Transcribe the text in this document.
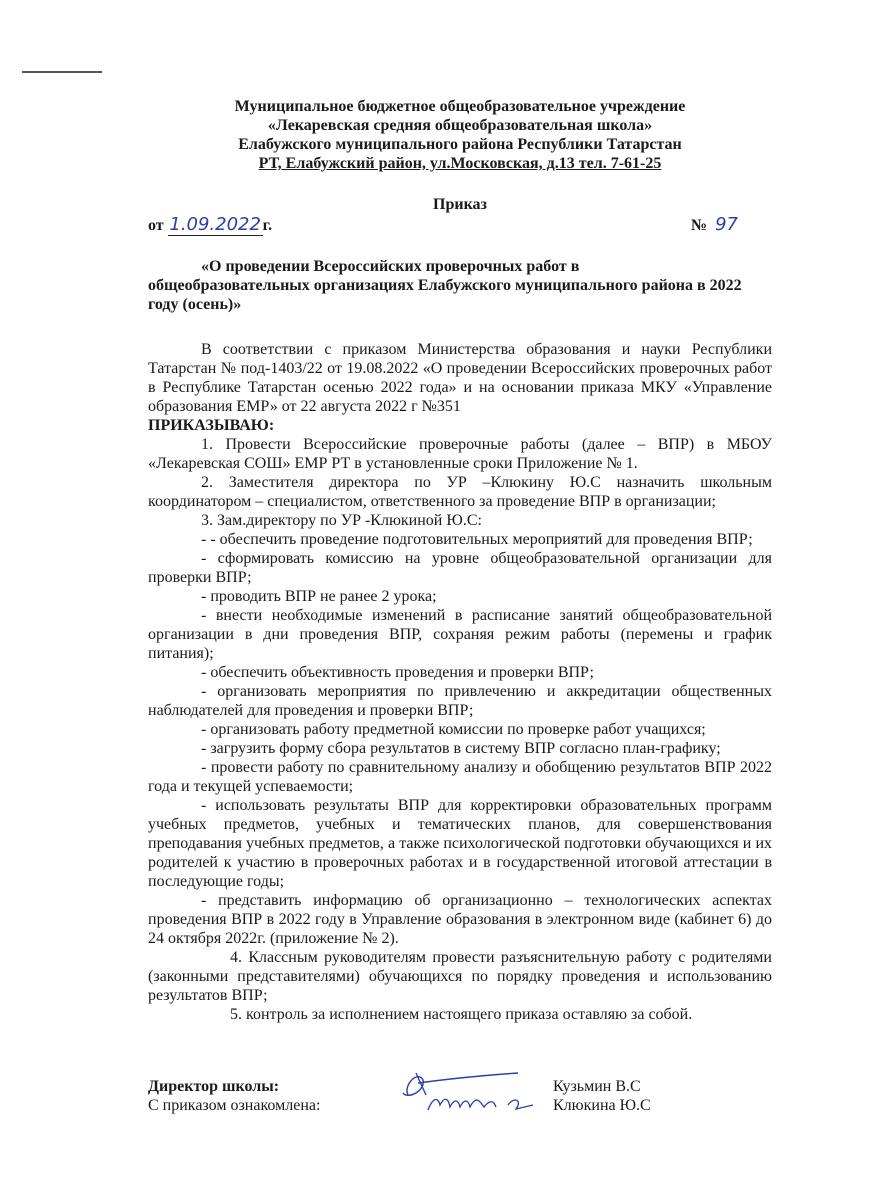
Муниципальное бюджетное общеобразовательное учреждение
«Лекаревская средняя общеобразовательная школа»
Елабужского муниципального района Республики Татарстан
РТ, Елабужский район, ул.Московская, д.13 тел. 7-61-25
Приказ
от 1.09.2022 г.	№ 97
«О проведении Всероссийских проверочных работ в
общеобразовательных организациях Елабужского муниципального района в 2022 году (осень)»

В соответствии с приказом Министерства образования и науки Республики Татарстан № под-1403/22 от 19.08.2022 «О проведении Всероссийских проверочных работ в Республике Татарстан осенью 2022 года» и на основании приказа МКУ «Управление образования ЕМР» от 22 августа 2022 г №351

ПРИКАЗЫВАЮ:

1. Провести Всероссийские проверочные работы (далее – ВПР) в МБОУ «Лекаревская СОШ» ЕМР РТ в установленные сроки Приложение № 1.

2. Заместителя директора по УР –Клюкину Ю.С назначить школьным координатором – специалистом, ответственного за проведение ВПР в организации;

3. Зам.директору по УР -Клюкиной Ю.С:

- - обеспечить проведение подготовительных мероприятий для проведения ВПР;

- сформировать комиссию на уровне общеобразовательной организации для проверки ВПР;

- проводить ВПР не ранее 2 урока;

- внести необходимые изменений в расписание занятий общеобразовательной организации в дни проведения ВПР, сохраняя режим работы (перемены и график питания);

- обеспечить объективность проведения и проверки ВПР;

- организовать мероприятия по привлечению и аккредитации общественных наблюдателей для проведения и проверки ВПР;

- организовать работу предметной комиссии по проверке работ учащихся;

- загрузить форму сбора результатов в систему ВПР согласно план-графику;

- провести работу по сравнительному анализу и обобщению результатов ВПР 2022 года и текущей успеваемости;

- использовать результаты ВПР для корректировки образовательных программ учебных предметов, учебных и тематических планов, для совершенствования преподавания учебных предметов, а также психологической подготовки обучающихся и их родителей к участию в проверочных работах и в государственной итоговой аттестации в последующие годы;

- представить информацию об организационно – технологических аспектах проведения ВПР в 2022 году в Управление образования в электронном виде (кабинет 6) до 24 октября 2022г. (приложение № 2).

4. Классным руководителям провести разъяснительную работу с родителями (законными представителями) обучающихся по порядку проведения и использованию результатов ВПР;

5. контроль за исполнением настоящего приказа оставляю за собой.

Директор школы:	Кузьмин В.С
С приказом ознакомлена:	Клюкина Ю.С
